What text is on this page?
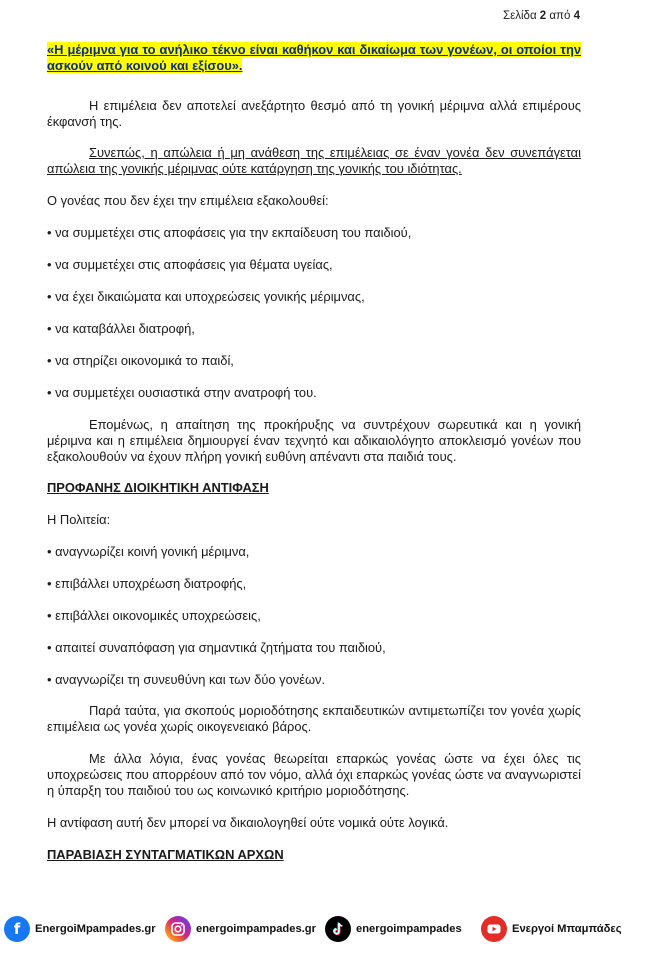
Σελίδα 2 από 4

«Η μέριμνα για το ανήλικο τέκνο είναι καθήκον και δικαίωμα των γονέων, οι οποίοι την ασκούν από κοινού και εξίσου».

Η επιμέλεια δεν αποτελεί ανεξάρτητο θεσμό από τη γονική μέριμνα αλλά επιμέρους έκφανσή της.

Συνεπώς, η απώλεια ή μη ανάθεση της επιμέλειας σε έναν γονέα δεν συνεπάγεται απώλεια της γονικής μέριμνας ούτε κατάργηση της γονικής του ιδιότητας.

Ο γονέας που δεν έχει την επιμέλεια εξακολουθεί:

• να συμμετέχει στις αποφάσεις για την εκπαίδευση του παιδιού,

• να συμμετέχει στις αποφάσεις για θέματα υγείας,

• να έχει δικαιώματα και υποχρεώσεις γονικής μέριμνας,

• να καταβάλλει διατροφή,

• να στηρίζει οικονομικά το παιδί,

• να συμμετέχει ουσιαστικά στην ανατροφή του.

Επομένως, η απαίτηση της προκήρυξης να συντρέχουν σωρευτικά και η γονική μέριμνα και η επιμέλεια δημιουργεί έναν τεχνητό και αδικαιολόγητο αποκλεισμό γονέων που εξακολουθούν να έχουν πλήρη γονική ευθύνη απέναντι στα παιδιά τους.

ΠΡΟΦΑΝΗΣ ΔΙΟΙΚΗΤΙΚΗ ΑΝΤΙΦΑΣΗ

Η Πολιτεία:

• αναγνωρίζει κοινή γονική μέριμνα,

• επιβάλλει υποχρέωση διατροφής,

• επιβάλλει οικονομικές υποχρεώσεις,

• απαιτεί συναπόφαση για σημαντικά ζητήματα του παιδιού,

• αναγνωρίζει τη συνευθύνη και των δύο γονέων.

Παρά ταύτα, για σκοπούς μοριοδότησης εκπαιδευτικών αντιμετωπίζει τον γονέα χωρίς επιμέλεια ως γονέα χωρίς οικογενειακό βάρος.

Με άλλα λόγια, ένας γονέας θεωρείται επαρκώς γονέας ώστε να έχει όλες τις υποχρεώσεις που απορρέουν από τον νόμο, αλλά όχι επαρκώς γονέας ώστε να αναγνωριστεί η ύπαρξη του παιδιού του ως κοινωνικό κριτήριο μοριοδότησης.

Η αντίφαση αυτή δεν μπορεί να δικαιολογηθεί ούτε νομικά ούτε λογικά.

ΠΑΡΑΒΙΑΣΗ ΣΥΝΤΑΓΜΑΤΙΚΩΝ ΑΡΧΩΝ

f	EnergoiMpampades.gr	energoimpampades.gr	energoimpampades	Ενεργοί Μπαμπάδες
